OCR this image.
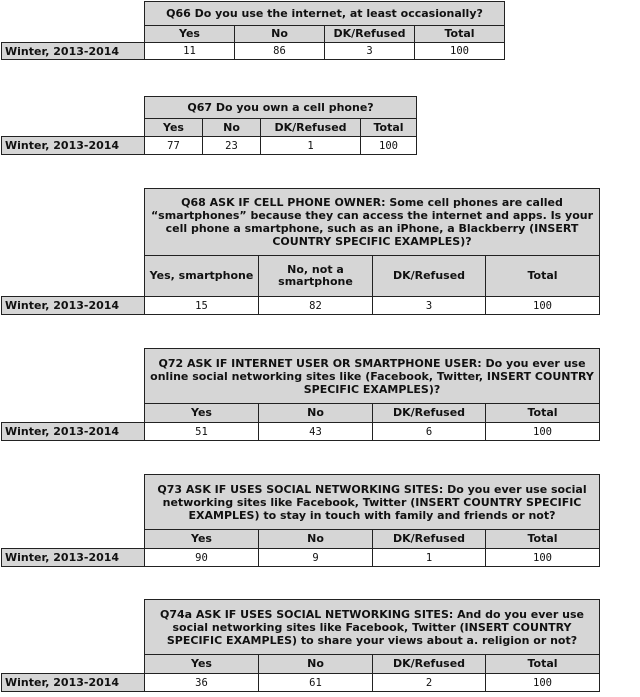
	Q66 Do you use the internet, at least occasionally?			
	Yes	No	DK/Refused	Total
Winter, 2013-2014	11	86	3	100
	Q67 Do you own a cell phone?			
	Yes	No	DK/Refused	Total
Winter, 2013-2014	77	23	1	100
	Q68 ASK IF CELL PHONE OWNER: Some cell phones are called “smartphones” because they can access the internet and apps. Is your cell phone a smartphone, such as an iPhone, a Blackberry (INSERT COUNTRY SPECIFIC EXAMPLES)?			
	Yes, smartphone	No, not a smartphone	DK/Refused	Total
Winter, 2013-2014	15	82	3	100
	Q72 ASK IF INTERNET USER OR SMARTPHONE USER: Do you ever use online social networking sites like (Facebook, Twitter, INSERT COUNTRY SPECIFIC EXAMPLES)?			
	Yes	No	DK/Refused	Total
Winter, 2013-2014	51	43	6	100
	Q73 ASK IF USES SOCIAL NETWORKING SITES: Do you ever use social networking sites like Facebook, Twitter (INSERT COUNTRY SPECIFIC EXAMPLES) to stay in touch with family and friends or not?			
	Yes	No	DK/Refused	Total
Winter, 2013-2014	90	9	1	100
	Q74a ASK IF USES SOCIAL NETWORKING SITES: And do you ever use social networking sites like Facebook, Twitter (INSERT COUNTRY SPECIFIC EXAMPLES) to share your views about a. religion or not?			
	Yes	No	DK/Refused	Total
Winter, 2013-2014	36	61	2	100
